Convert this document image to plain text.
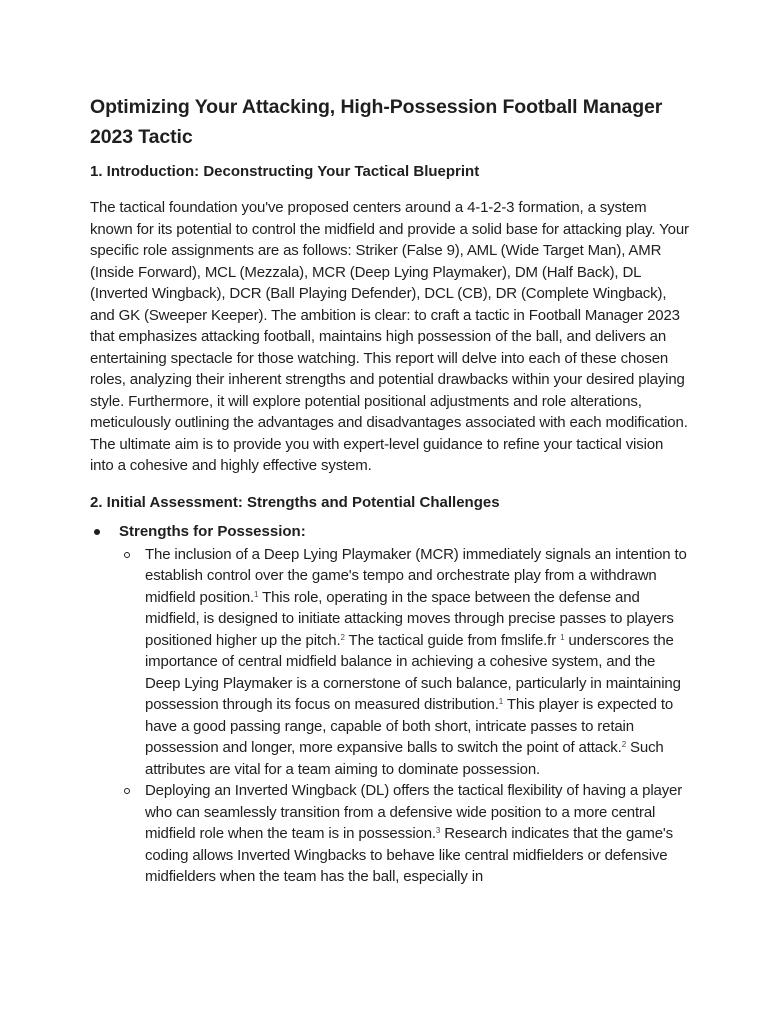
Optimizing Your Attacking, High-Possession Football Manager 2023 Tactic
1. Introduction: Deconstructing Your Tactical Blueprint

The tactical foundation you've proposed centers around a 4-1-2-3 formation, a system known for its potential to control the midfield and provide a solid base for attacking play. Your specific role assignments are as follows: Striker (False 9), AML (Wide Target Man), AMR (Inside Forward), MCL (Mezzala), MCR (Deep Lying Playmaker), DM (Half Back), DL (Inverted Wingback), DCR (Ball Playing Defender), DCL (CB), DR (Complete Wingback), and GK (Sweeper Keeper). The ambition is clear: to craft a tactic in Football Manager 2023 that emphasizes attacking football, maintains high possession of the ball, and delivers an entertaining spectacle for those watching. This report will delve into each of these chosen roles, analyzing their inherent strengths and potential drawbacks within your desired playing style. Furthermore, it will explore potential positional adjustments and role alterations, meticulously outlining the advantages and disadvantages associated with each modification. The ultimate aim is to provide you with expert-level guidance to refine your tactical vision into a cohesive and highly effective system.

2. Initial Assessment: Strengths and Potential Challenges
Strengths for Possession:

The inclusion of a Deep Lying Playmaker (MCR) immediately signals an intention to establish control over the game's tempo and orchestrate play from a withdrawn midfield position.$^1$ This role, operating in the space between the defense and midfield, is designed to initiate attacking moves through precise passes to players positioned higher up the pitch.$^2$ The tactical guide from fmslife.fr $^1$ underscores the importance of central midfield balance in achieving a cohesive system, and the Deep Lying Playmaker is a cornerstone of such balance, particularly in maintaining possession through its focus on measured distribution.$^1$ This player is expected to have a good passing range, capable of both short, intricate passes to retain possession and longer, more expansive balls to switch the point of attack.$^2$ Such attributes are vital for a team aiming to dominate possession.

Deploying an Inverted Wingback (DL) offers the tactical flexibility of having a player who can seamlessly transition from a defensive wide position to a more central midfield role when the team is in possession.$^3$ Research indicates that the game's coding allows Inverted Wingbacks to behave like central midfielders or defensive midfielders when the team has the ball, especially in
